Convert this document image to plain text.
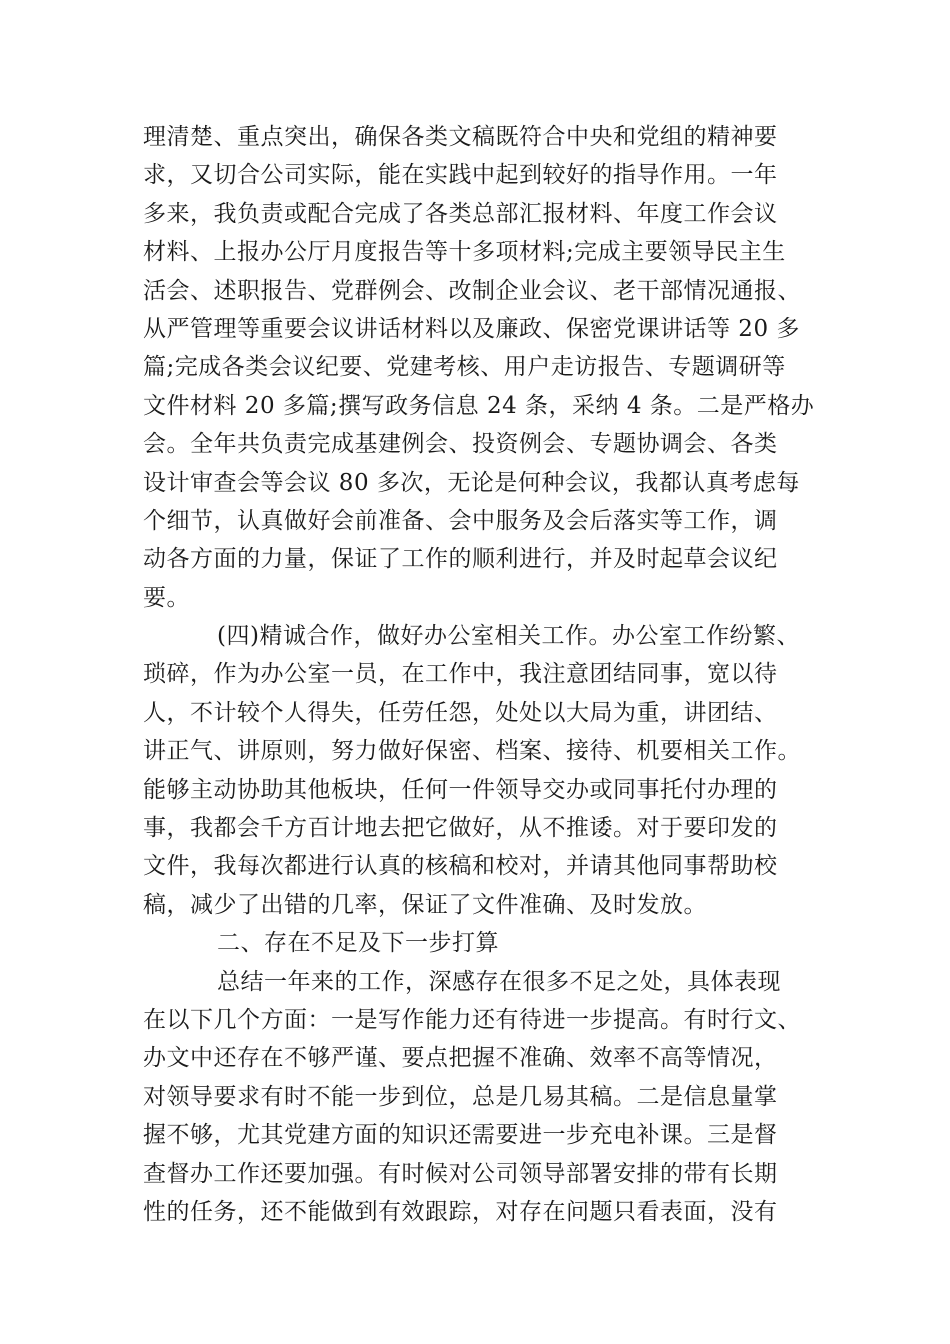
理清楚、重点突出，确保各类文稿既符合中央和党组的精神要
求，又切合公司实际，能在实践中起到较好的指导作用。一年
多来，我负责或配合完成了各类总部汇报材料、年度工作会议
材料、上报办公厅月度报告等十多项材料;完成主要领导民主生
活会、述职报告、党群例会、改制企业会议、老干部情况通报、
从严管理等重要会议讲话材料以及廉政、保密党课讲话等 20 多
篇;完成各类会议纪要、党建考核、用户走访报告、专题调研等
文件材料 20 多篇;撰写政务信息 24 条，采纳 4 条。二是严格办
会。全年共负责完成基建例会、投资例会、专题协调会、各类
设计审查会等会议 80 多次，无论是何种会议，我都认真考虑每
个细节，认真做好会前准备、会中服务及会后落实等工作，调
动各方面的力量，保证了工作的顺利进行，并及时起草会议纪
要。
(四)精诚合作，做好办公室相关工作。办公室工作纷繁、
琐碎，作为办公室一员，在工作中，我注意团结同事，宽以待
人，不计较个人得失，任劳任怨，处处以大局为重，讲团结、
讲正气、讲原则，努力做好保密、档案、接待、机要相关工作。
能够主动协助其他板块，任何一件领导交办或同事托付办理的
事，我都会千方百计地去把它做好，从不推诿。对于要印发的
文件，我每次都进行认真的核稿和校对，并请其他同事帮助校
稿，减少了出错的几率，保证了文件准确、及时发放。
二、存在不足及下一步打算
总结一年来的工作，深感存在很多不足之处，具体表现
在以下几个方面：一是写作能力还有待进一步提高。有时行文、
办文中还存在不够严谨、要点把握不准确、效率不高等情况，
对领导要求有时不能一步到位，总是几易其稿。二是信息量掌
握不够，尤其党建方面的知识还需要进一步充电补课。三是督
查督办工作还要加强。有时候对公司领导部署安排的带有长期
性的任务，还不能做到有效跟踪，对存在问题只看表面，没有
